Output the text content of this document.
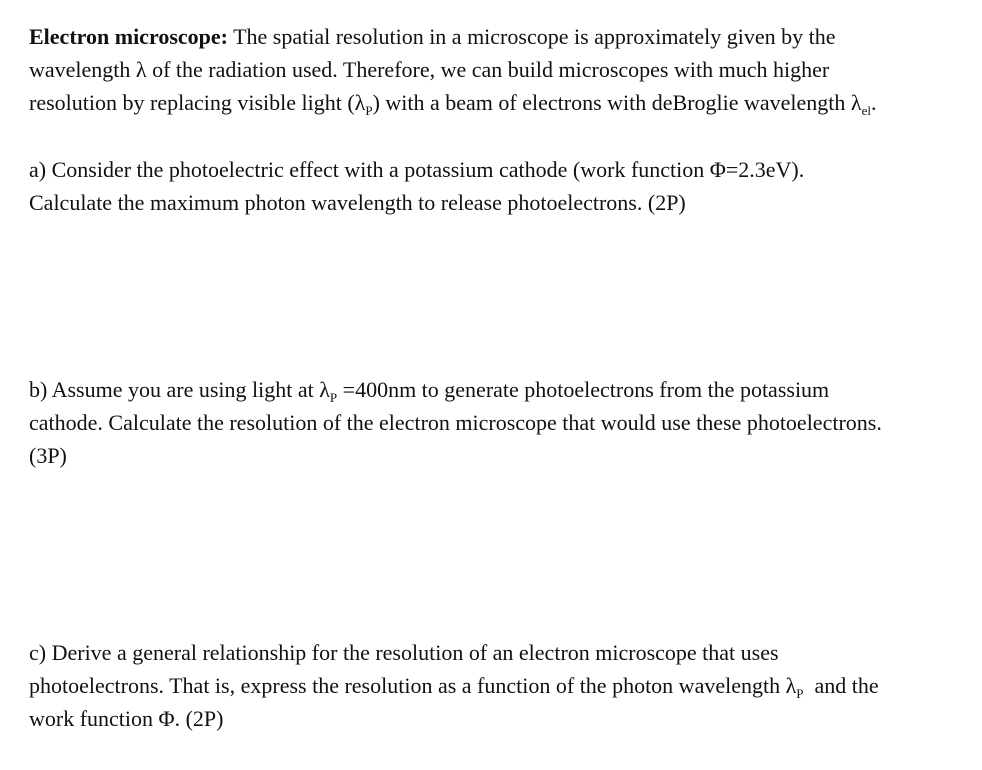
Electron microscope: The spatial resolution in a microscope is approximately given by the
wavelength λ of the radiation used. Therefore, we can build microscopes with much higher
resolution by replacing visible light $(\lambda_P)$ with a beam of electrons with deBroglie wavelength $\lambda_{el}$.
a) Consider the photoelectric effect with a potassium cathode (work function Φ=2.3eV).
Calculate the maximum photon wavelength to release photoelectrons. (2P)
b) Assume you are using light at $\lambda_P =400nm$ to generate photoelectrons from the potassium
cathode. Calculate the resolution of the electron microscope that would use these photoelectrons.
(3P)
c) Derive a general relationship for the resolution of an electron microscope that uses
photoelectrons. That is, express the resolution as a function of the photon wavelength $\lambda_P$  and the
work function Φ. (2P)
